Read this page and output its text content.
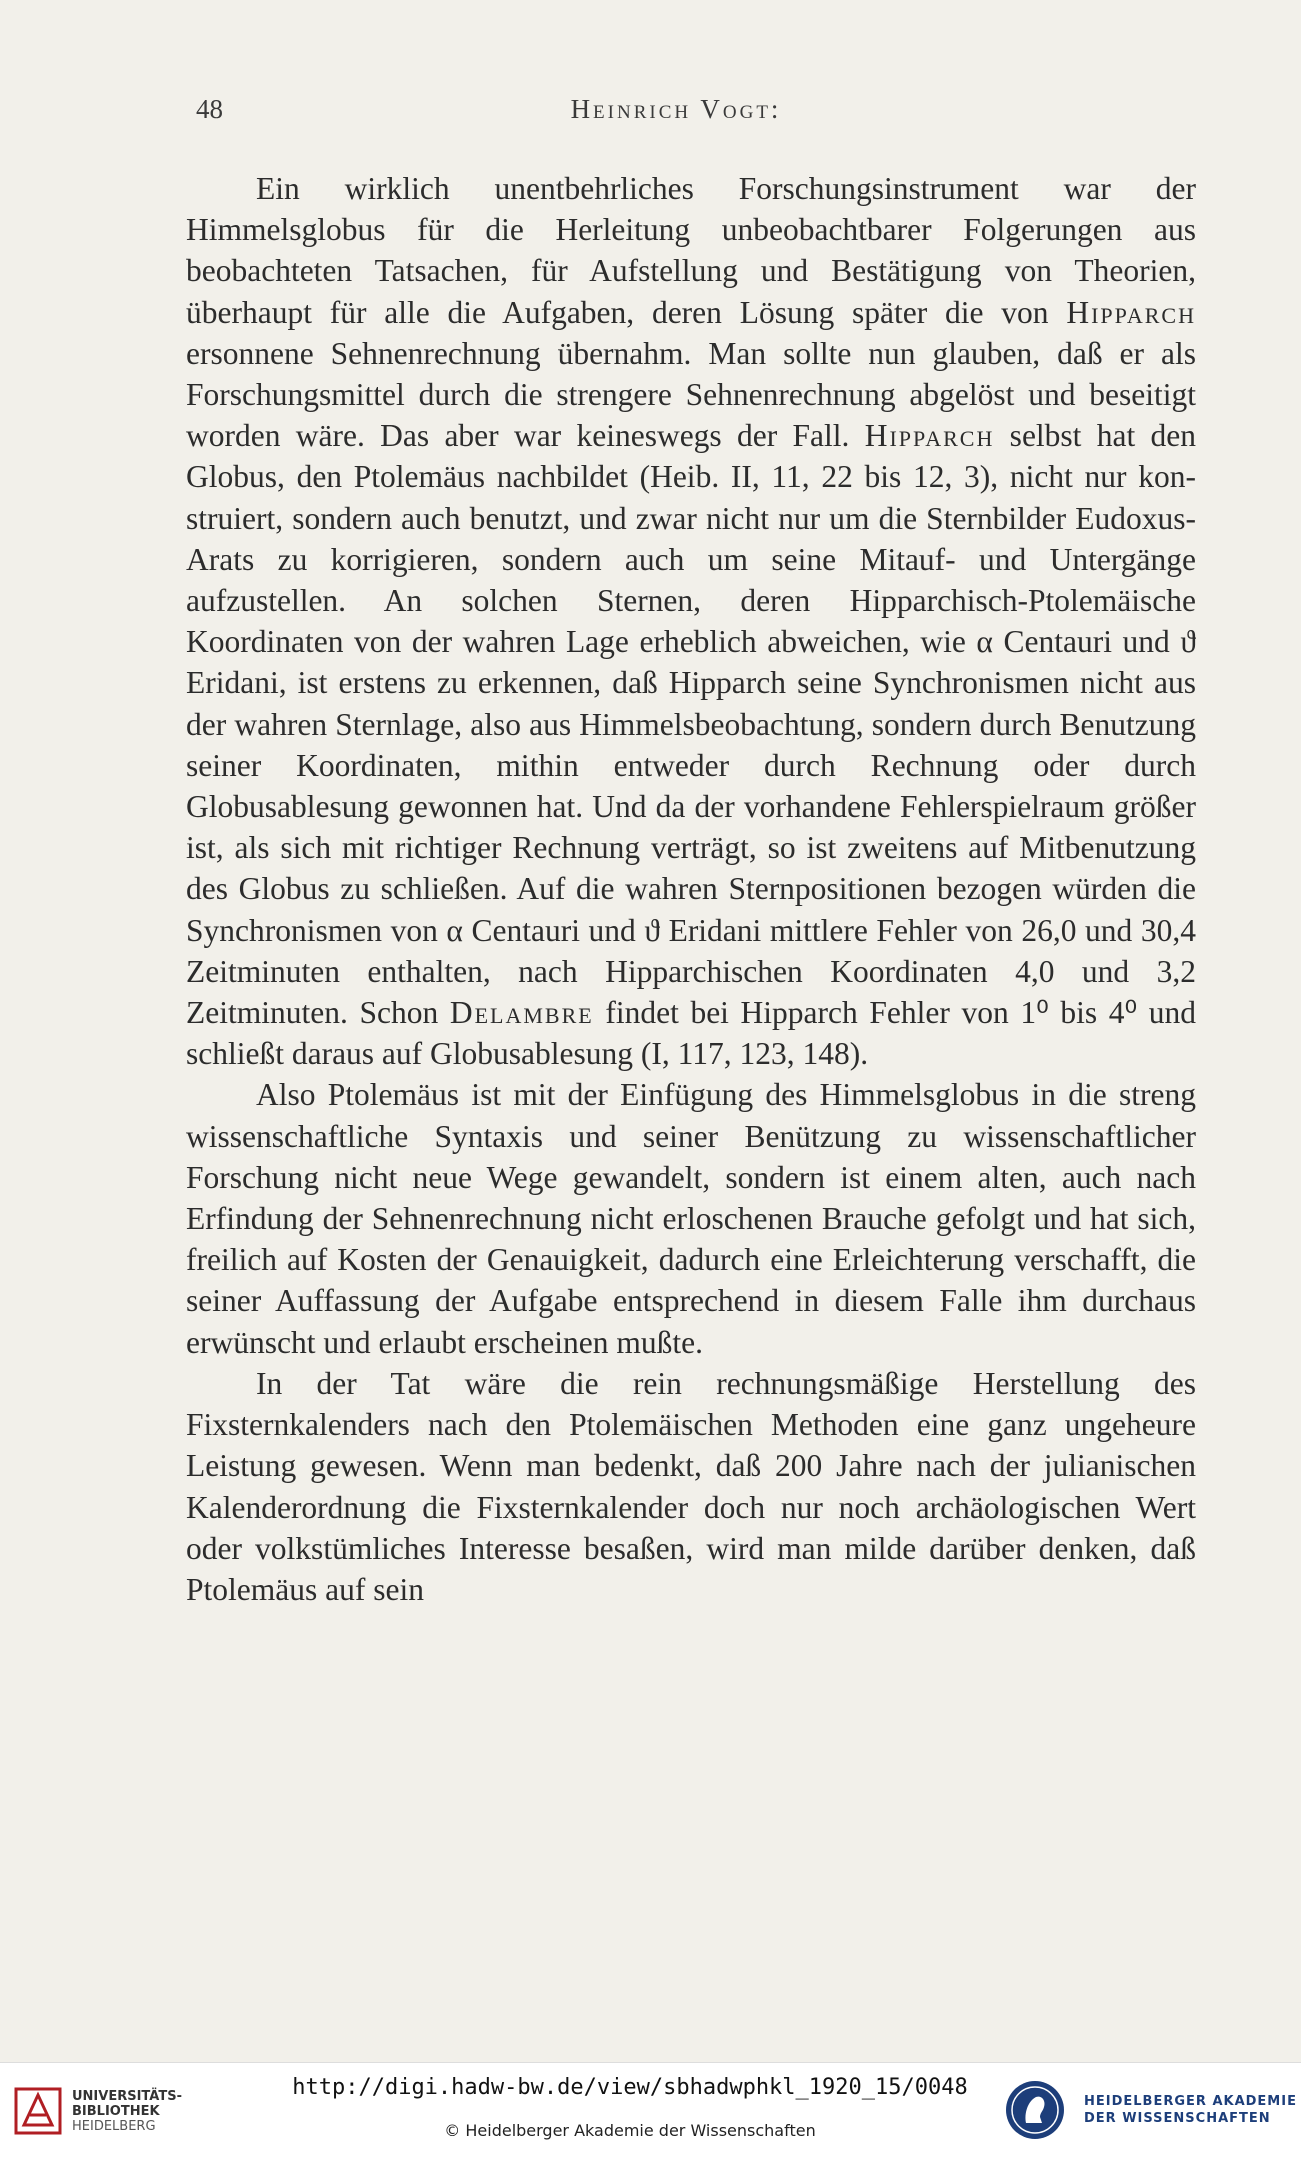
48	Heinrich Vogt:

Ein wirklich unentbehrliches Forschungsinstrument war der Himmelsglobus für die Herleitung unbeobachtbarer Folgerungen aus beobachteten Tatsachen, für Aufstellung und Bestätigung von Theorien, überhaupt für alle die Aufgaben, deren Lösung später die von Hipparch ersonnene Sehnenrechnung übernahm. Man sollte nun glauben, daß er als Forschungsmittel durch die strengere Sehnenrechnung abgelöst und beseitigt worden wäre. Das aber war keineswegs der Fall. Hipparch selbst hat den Globus, den Ptolemäus nachbildet (Heib. II, 11, 22 bis 12, 3), nicht nur konstruiert, sondern auch benutzt, und zwar nicht nur um die Sternbilder Eudoxus-Arats zu korrigieren, sondern auch um seine Mitauf- und Untergänge aufzustellen. An solchen Sternen, deren Hipparchisch-Ptolemäische Koordinaten von der wahren Lage erheblich abweichen, wie α Centauri und ϑ Eridani, ist erstens zu erkennen, daß Hipparch seine Synchronismen nicht aus der wahren Sternlage, also aus Himmelsbeobachtung, sondern durch Benutzung seiner Koordinaten, mithin entweder durch Rechnung oder durch Globusablesung gewonnen hat. Und da der vorhandene Fehlerspielraum größer ist, als sich mit richtiger Rechnung verträgt, so ist zweitens auf Mitbenutzung des Globus zu schließen. Auf die wahren Sternpositionen bezogen würden die Synchronismen von α Centauri und ϑ Eridani mittlere Fehler von 26,0 und 30,4 Zeitminuten enthalten, nach Hipparchischen Koordinaten 4,0 und 3,2 Zeitminuten. Schon Delambre findet bei Hipparch Fehler von 1⁰ bis 4⁰ und schließt daraus auf Globusablesung (I, 117, 123, 148).

Also Ptolemäus ist mit der Einfügung des Himmelsglobus in die streng wissenschaftliche Syntaxis und seiner Benützung zu wissenschaftlicher Forschung nicht neue Wege gewandelt, sondern ist einem alten, auch nach Erfindung der Sehnenrechnung nicht erloschenen Brauche gefolgt und hat sich, freilich auf Kosten der Genauigkeit, dadurch eine Erleichterung verschafft, die seiner Auffassung der Aufgabe entsprechend in diesem Falle ihm durchaus erwünscht und erlaubt erscheinen mußte.

In der Tat wäre die rein rechnungsmäßige Herstellung des Fixsternkalenders nach den Ptolemäischen Methoden eine ganz ungeheure Leistung gewesen. Wenn man bedenkt, daß 200 Jahre nach der julianischen Kalenderordnung die Fixsternkalender doch nur noch archäologischen Wert oder volkstümliches Interesse besaßen, wird man milde darüber denken, daß Ptolemäus auf sein

UNIVERSITÄTS-
BIBLIOTHEK
HEIDELBERG
http://digi.hadw-bw.de/view/sbhadwphkl_1920_15/0048
© Heidelberger Akademie der Wissenschaften
HEIDELBERGER AKADEMIE
DER WISSENSCHAFTEN
